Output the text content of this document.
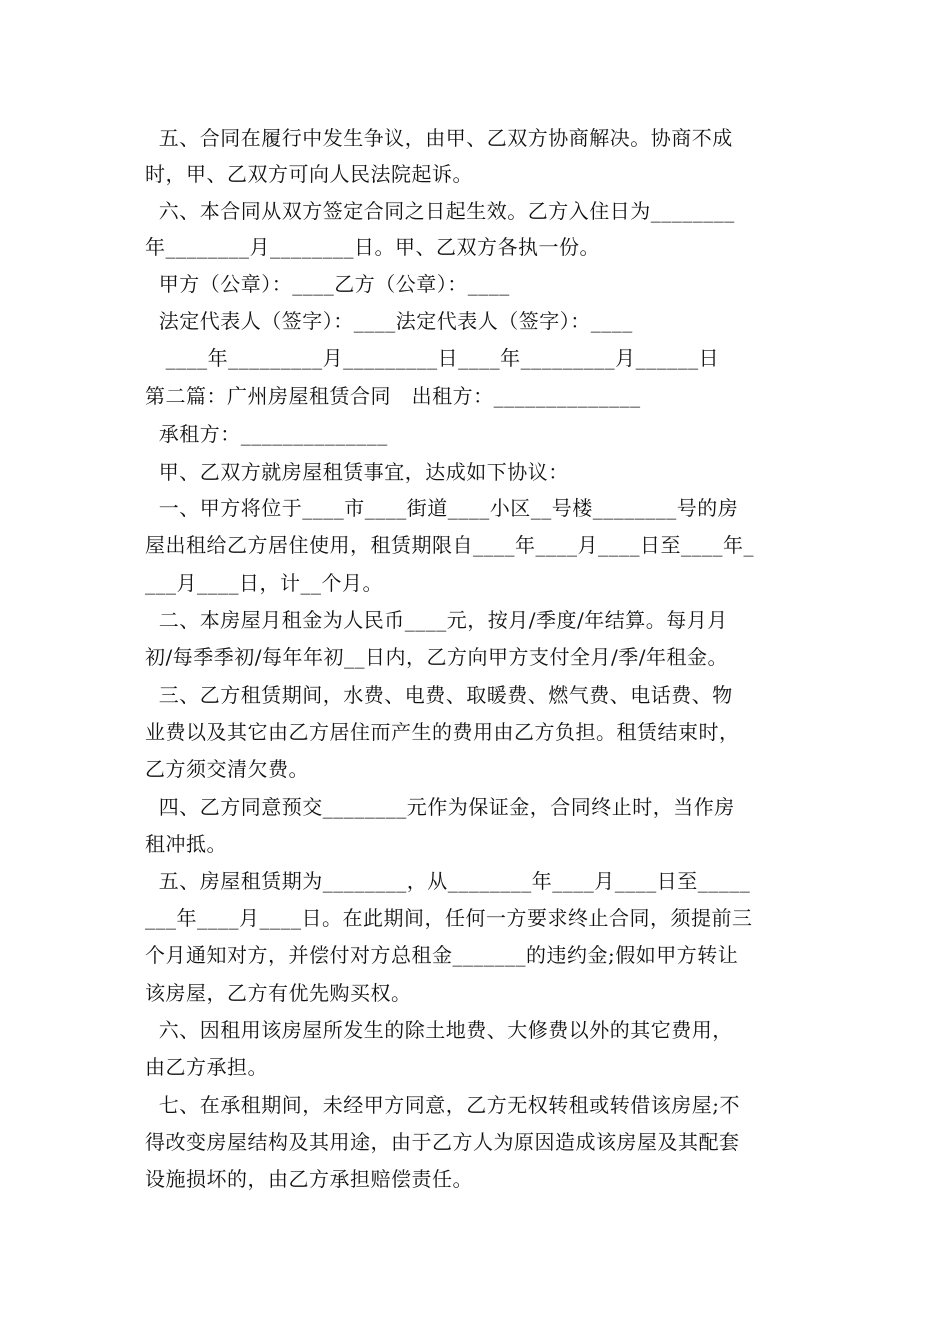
五、合同在履行中发生争议，由甲、乙双方协商解决。协商不成
时，甲、乙双方可向人民法院起诉。
六、本合同从双方签定合同之日起生效。乙方入住日为________
年________月________日。甲、乙双方各执一份。
甲方（公章）：____乙方（公章）：____
法定代表人（签字）：____法定代表人（签字）：____
____年_________月_________日____年_________月______日
第二篇：广州房屋租赁合同   出租方：______________
承租方：______________
甲、乙双方就房屋租赁事宜，达成如下协议：
一、甲方将位于____市____街道____小区__号楼________号的房
屋出租给乙方居住使用，租赁期限自____年____月____日至____年_
___月____日，计__个月。
二、本房屋月租金为人民币____元，按月/季度/年结算。每月月
初/每季季初/每年年初__日内，乙方向甲方支付全月/季/年租金。
三、乙方租赁期间，水费、电费、取暖费、燃气费、电话费、物
业费以及其它由乙方居住而产生的费用由乙方负担。租赁结束时，
乙方须交清欠费。
四、乙方同意预交________元作为保证金，合同终止时，当作房
租冲抵。
五、房屋租赁期为________，从________年____月____日至_____
___年____月____日。在此期间，任何一方要求终止合同，须提前三
个月通知对方，并偿付对方总租金_______的违约金;假如甲方转让
该房屋，乙方有优先购买权。
六、因租用该房屋所发生的除土地费、大修费以外的其它费用，
由乙方承担。
七、在承租期间，未经甲方同意，乙方无权转租或转借该房屋;不
得改变房屋结构及其用途，由于乙方人为原因造成该房屋及其配套
设施损坏的，由乙方承担赔偿责任。
